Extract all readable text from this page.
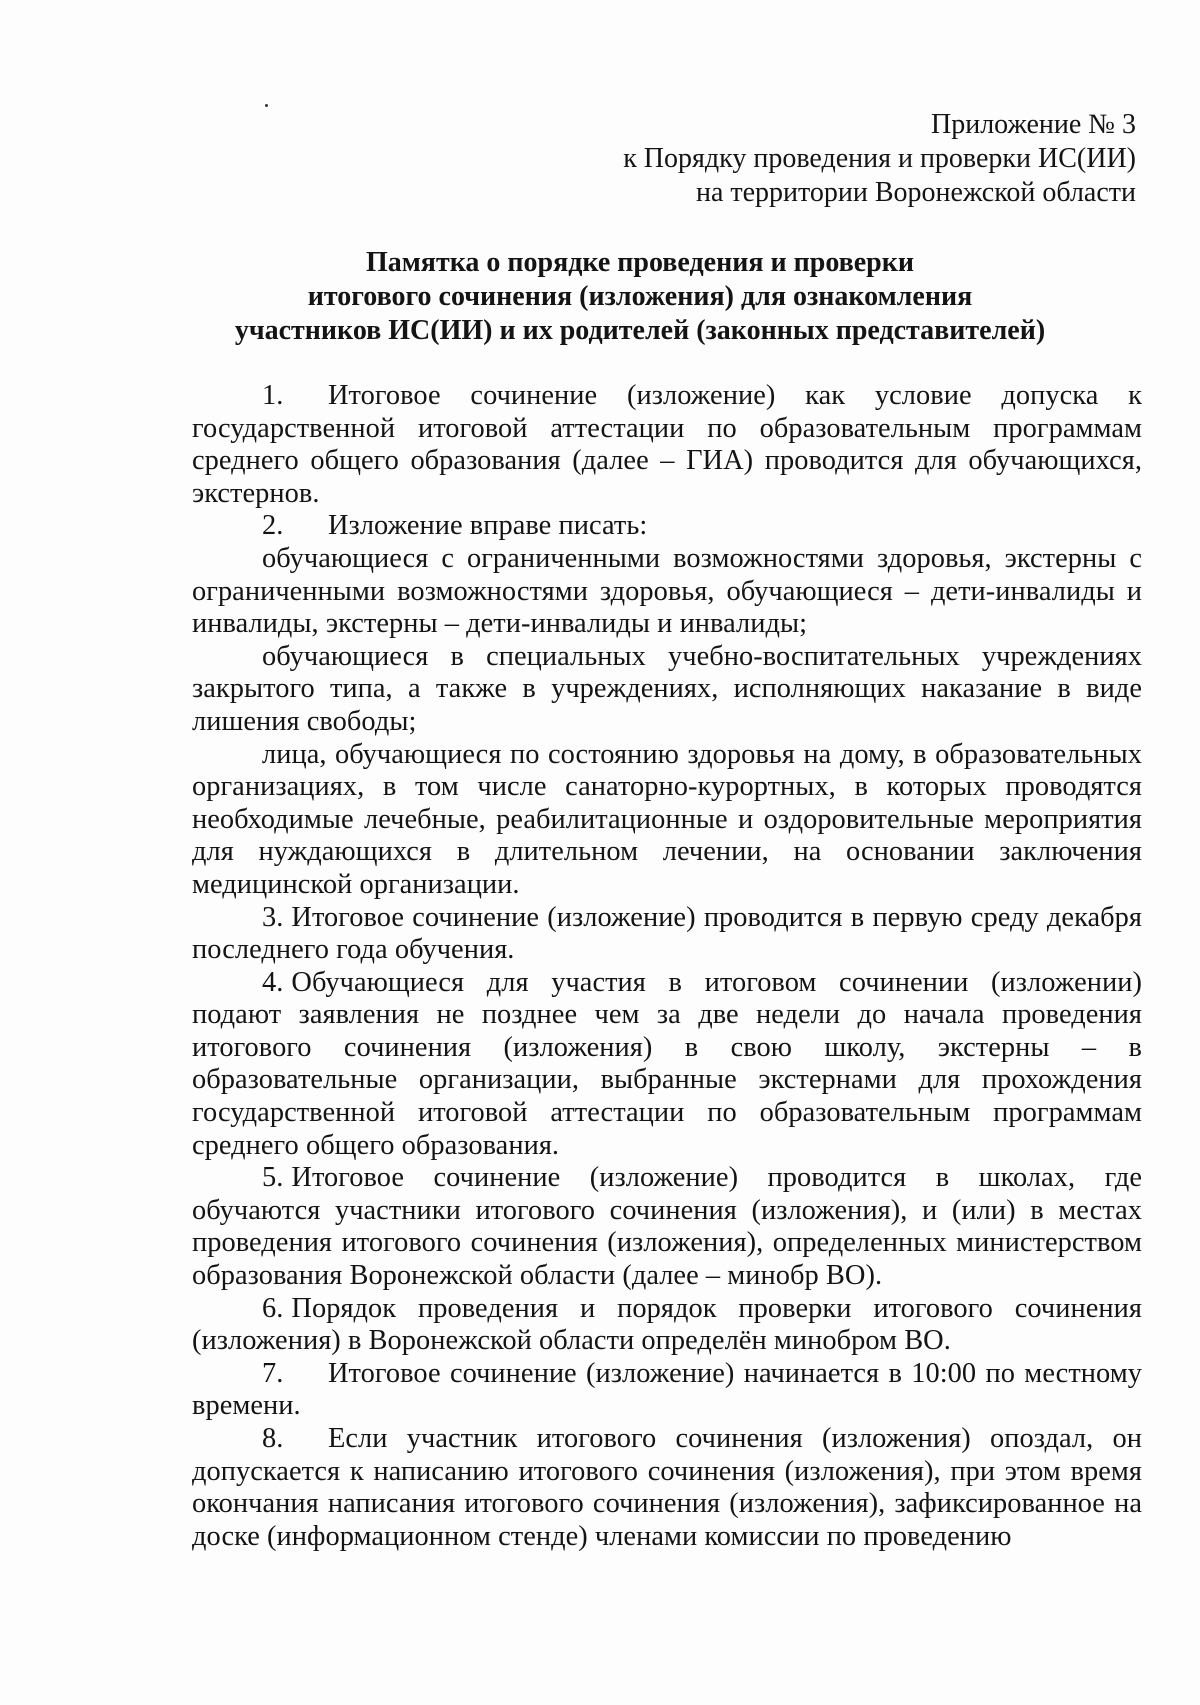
Приложение № 3
к Порядку проведения и проверки ИС(ИИ)
на территории Воронежской области
Памятка о порядке проведения и проверки
итогового сочинения (изложения) для ознакомления
участников ИС(ИИ) и их родителей (законных представителей)

1. Итоговое сочинение (изложение) как условие допуска к государственной итоговой аттестации по образовательным программам среднего общего образования (далее – ГИА) проводится для обучающихся, экстернов.

2. Изложение вправе писать:

обучающиеся с ограниченными возможностями здоровья, экстерны с ограниченными возможностями здоровья, обучающиеся – дети-инвалиды и инвалиды, экстерны – дети-инвалиды и инвалиды;

обучающиеся в специальных учебно-воспитательных учреждениях закрытого типа, а также в учреждениях, исполняющих наказание в виде лишения свободы;

лица, обучающиеся по состоянию здоровья на дому, в образовательных организациях, в том числе санаторно-курортных, в которых проводятся необходимые лечебные, реабилитационные и оздоровительные мероприятия для нуждающихся в длительном лечении, на основании заключения медицинской организации.

3. Итоговое сочинение (изложение) проводится в первую среду декабря последнего года обучения.

4. Обучающиеся для участия в итоговом сочинении (изложении) подают заявления не позднее чем за две недели до начала проведения итогового сочинения (изложения) в свою школу, экстерны – в образовательные организации, выбранные экстернами для прохождения государственной итоговой аттестации по образовательным программам среднего общего образования.

5. Итоговое сочинение (изложение) проводится в школах, где обучаются участники итогового сочинения (изложения), и (или) в местах проведения итогового сочинения (изложения), определенных министерством образования Воронежской области (далее – минобр ВО).

6. Порядок проведения и порядок проверки итогового сочинения (изложения) в Воронежской области определён минобром ВО.

7. Итоговое сочинение (изложение) начинается в 10:00 по местному времени.

8. Если участник итогового сочинения (изложения) опоздал, он допускается к написанию итогового сочинения (изложения), при этом время окончания написания итогового сочинения (изложения), зафиксированное на доске (информационном стенде) членами комиссии по проведению
